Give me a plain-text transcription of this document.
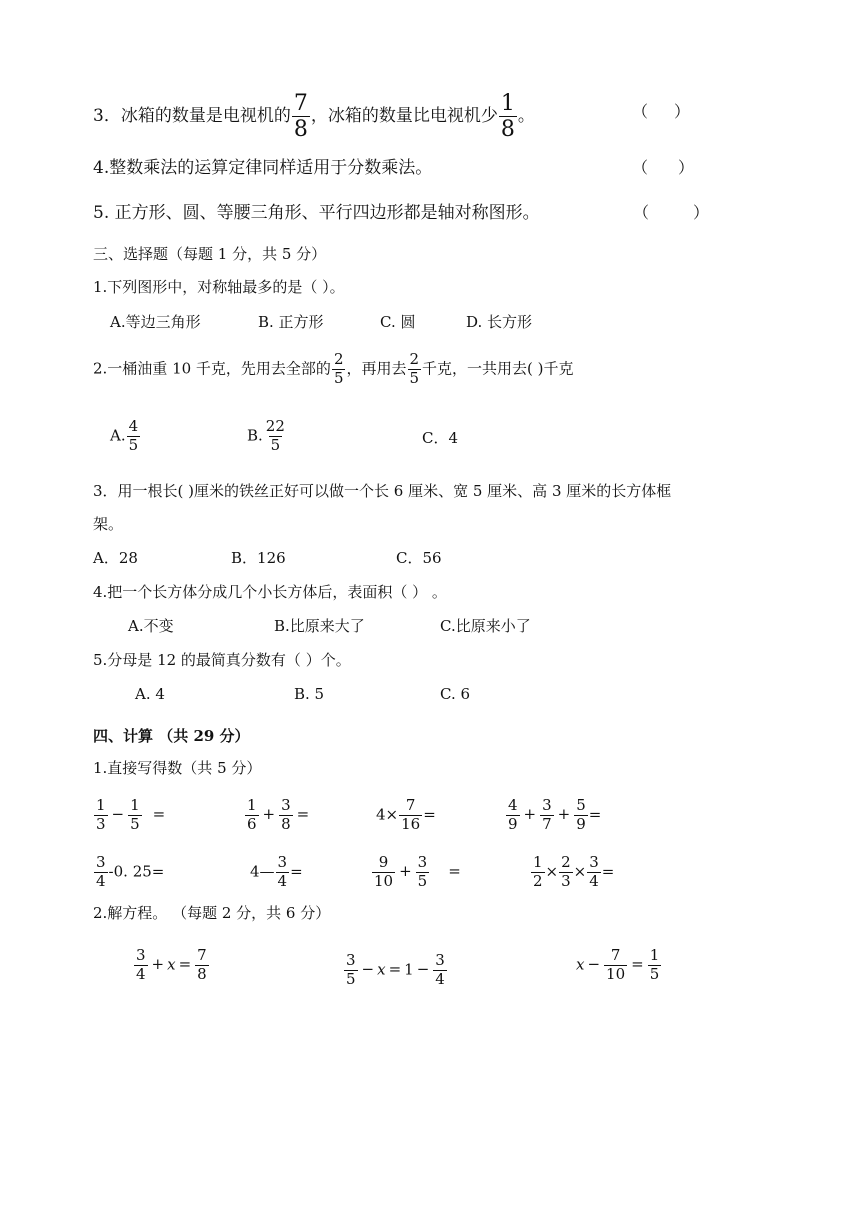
3．冰箱的数量是电视机的 $\frac{7}{8}$ ，冰箱的数量比电视机少 $\frac{1}{8}$ 。	（ ）
4.整数乘法的运算定律同样适用于分数乘法。	（ ）
5. 正方形、圆、等腰三角形、平行四边形都是轴对称图形。	（	）
三、选择题（每题 1 分，共 5 分）
1.下列图形中，对称轴最多的是（ ）。
A.等边三角形	B. 正方形	C. 圆	D. 长方形
2.一桶油重 10 千克，先用去全部的 $\frac{2}{5}$ ，再用去 $\frac{2}{5}$ 千克，一共用去( )千克
A. $\frac{4}{5}$	B. $\frac{22}{5}$	C．4
3．用一根长( )厘米的铁丝正好可以做一个长 6 厘米、宽 5 厘米、高 3 厘米的长方体框
架。
A．28	B．126	C．56
4.把一个长方体分成几个小长方体后，表面积（ ） 。
A.不变	B.比原来大了	C.比原来小了
5.分母是 12 的最简真分数有（ ）个。
A. 4	B. 5	C. 6
四、计算 （共 29 分）
1.直接写得数（共 5 分）
$\frac{1}{3} - \frac{1}{5}$ =	$\frac{1}{6} + \frac{3}{8}$ =	$4\times \frac{7}{16}$ =	$\frac{4}{9} + \frac{3}{7} + \frac{5}{9}$ =
$\frac{3}{4} -0$. 25=	4— $\frac{3}{4}$ =	$\frac{9}{10} + \frac{3}{5}$ =	$\frac{1}{2} \times \frac{2}{3} \times \frac{3}{4}$ =
2.解方程。 （每题 2 分，共 6 分）
$\frac{3}{4} + x = \frac{7}{8}$	$\frac{3}{5} - x = 1 - \frac{3}{4}$	$x - \frac{7}{10} = \frac{1}{5}$
